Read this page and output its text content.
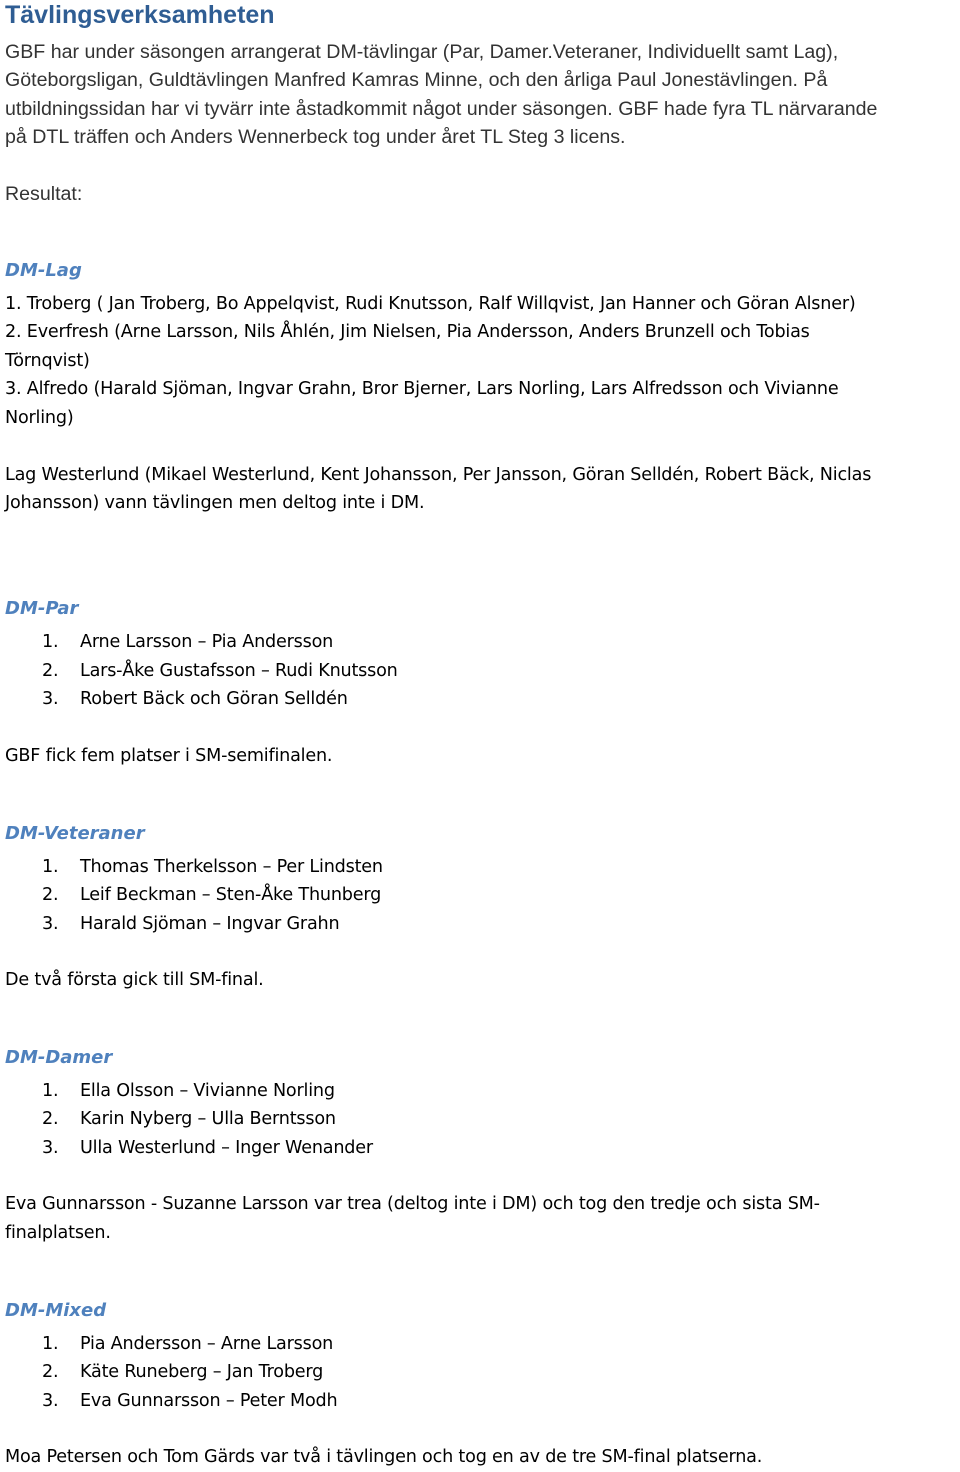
Tävlingsverksamheten
GBF har under säsongen arrangerat DM-tävlingar (Par, Damer.Veteraner, Individuellt samt Lag),
Göteborgsligan, Guldtävlingen Manfred Kamras Minne, och den årliga Paul Jonestävlingen. På
utbildningssidan har vi tyvärr inte åstadkommit något under säsongen. GBF hade fyra TL närvarande
på DTL träffen och Anders Wennerbeck tog under året TL Steg 3 licens.
Resultat:
DM-Lag
1. Troberg ( Jan Troberg, Bo Appelqvist, Rudi Knutsson, Ralf Willqvist, Jan Hanner och Göran Alsner)
2. Everfresh (Arne Larsson, Nils Åhlén, Jim Nielsen, Pia Andersson, Anders Brunzell och Tobias
Törnqvist)
3. Alfredo (Harald Sjöman, Ingvar Grahn, Bror Bjerner, Lars Norling, Lars Alfredsson och Vivianne
Norling)
Lag Westerlund (Mikael Westerlund, Kent Johansson, Per Jansson, Göran Selldén, Robert Bäck, Niclas
Johansson) vann tävlingen men deltog inte i DM.
DM-Par
1. Arne Larsson – Pia Andersson
2. Lars-Åke Gustafsson – Rudi Knutsson
3. Robert Bäck och Göran Selldén
GBF fick fem platser i SM-semifinalen.
DM-Veteraner
1. Thomas Therkelsson – Per Lindsten
2. Leif Beckman – Sten-Åke Thunberg
3. Harald Sjöman – Ingvar Grahn
De två första gick till SM-final.
DM-Damer
1. Ella Olsson – Vivianne Norling
2. Karin Nyberg – Ulla Berntsson
3. Ulla Westerlund – Inger Wenander
Eva Gunnarsson - Suzanne Larsson var trea (deltog inte i DM) och tog den tredje och sista SM-
finalplatsen.
DM-Mixed
1. Pia Andersson – Arne Larsson
2. Käte Runeberg – Jan Troberg
3. Eva Gunnarsson – Peter Modh
Moa Petersen och Tom Gärds var två i tävlingen och tog en av de tre SM-final platserna.
